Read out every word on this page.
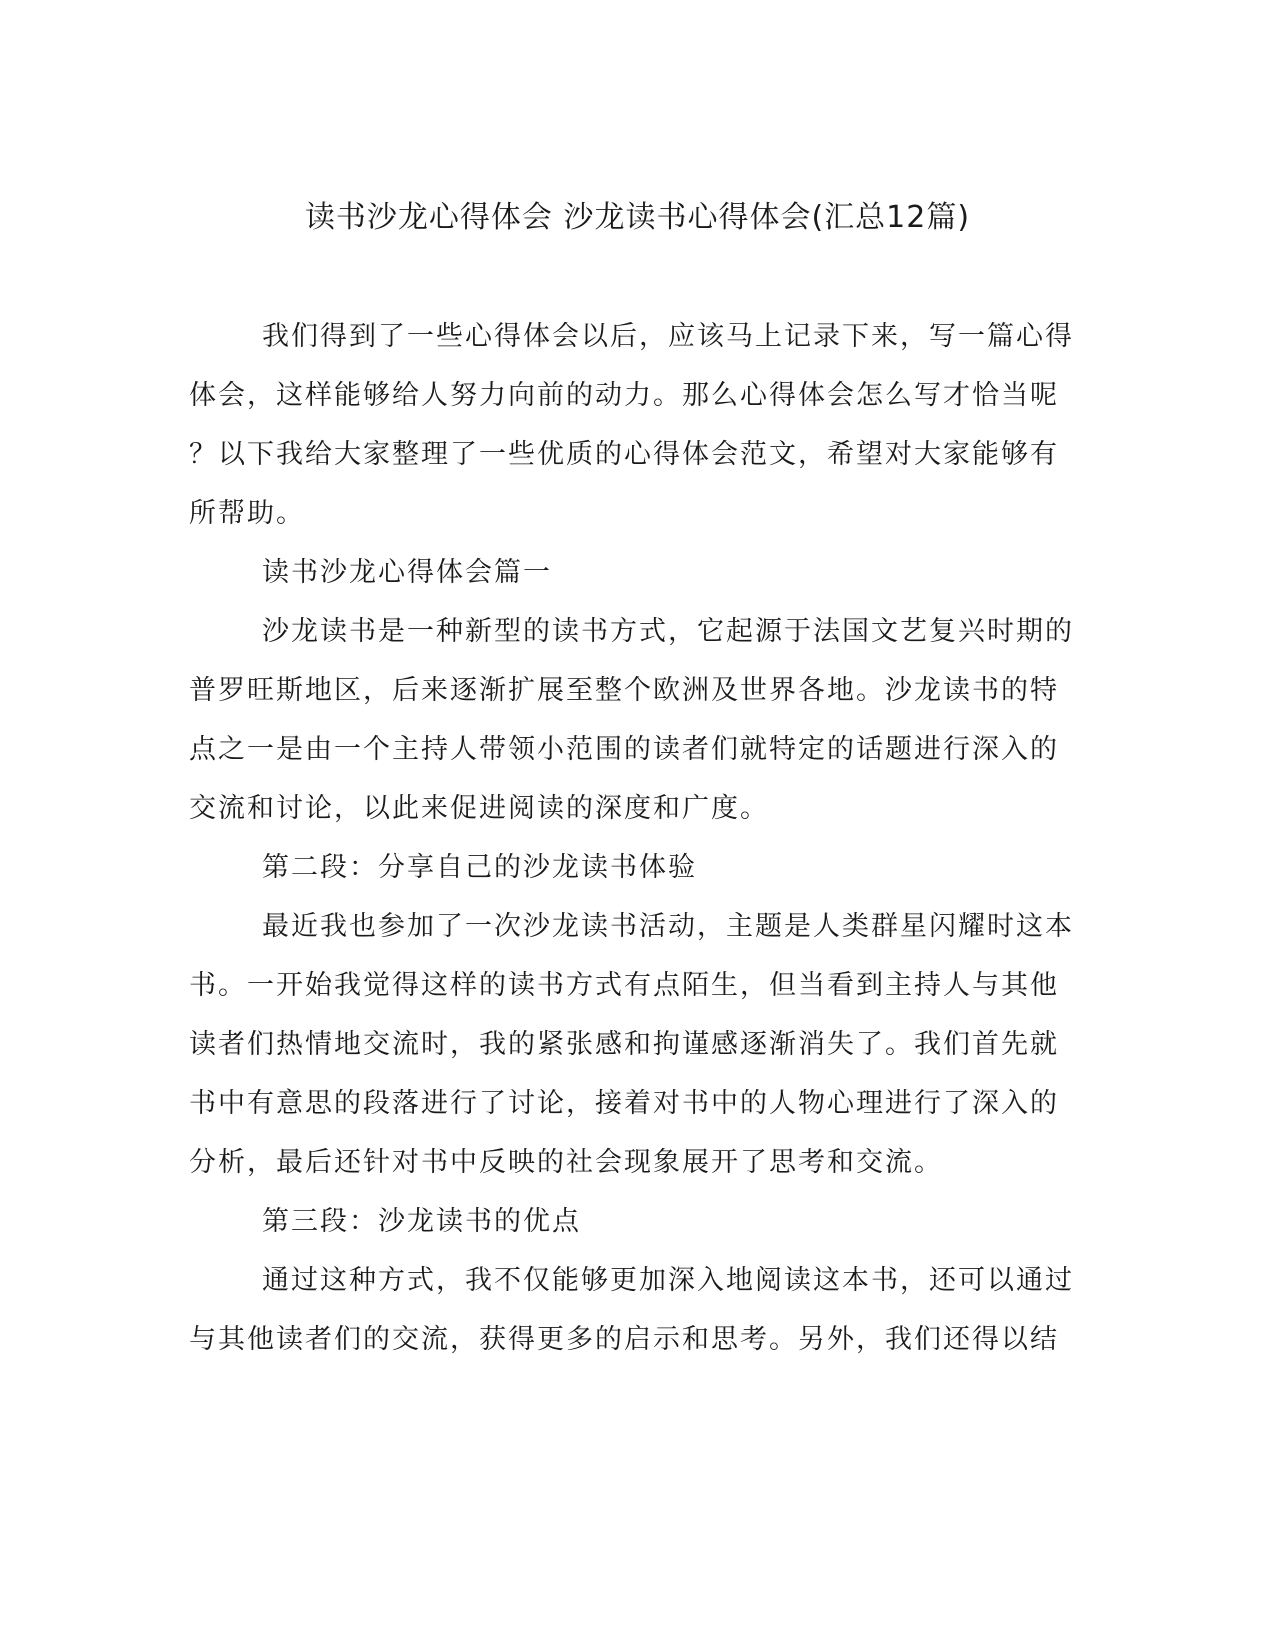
读书沙龙心得体会 沙龙读书心得体会(汇总12篇)
我们得到了一些心得体会以后，应该马上记录下来，写一篇心得
体会，这样能够给人努力向前的动力。那么心得体会怎么写才恰当呢
？以下我给大家整理了一些优质的心得体会范文，希望对大家能够有
所帮助。
读书沙龙心得体会篇一
沙龙读书是一种新型的读书方式，它起源于法国文艺复兴时期的
普罗旺斯地区，后来逐渐扩展至整个欧洲及世界各地。沙龙读书的特
点之一是由一个主持人带领小范围的读者们就特定的话题进行深入的
交流和讨论，以此来促进阅读的深度和广度。
第二段：分享自己的沙龙读书体验
最近我也参加了一次沙龙读书活动，主题是人类群星闪耀时这本
书。一开始我觉得这样的读书方式有点陌生，但当看到主持人与其他
读者们热情地交流时，我的紧张感和拘谨感逐渐消失了。我们首先就
书中有意思的段落进行了讨论，接着对书中的人物心理进行了深入的
分析，最后还针对书中反映的社会现象展开了思考和交流。
第三段：沙龙读书的优点
通过这种方式，我不仅能够更加深入地阅读这本书，还可以通过
与其他读者们的交流，获得更多的启示和思考。另外，我们还得以结
